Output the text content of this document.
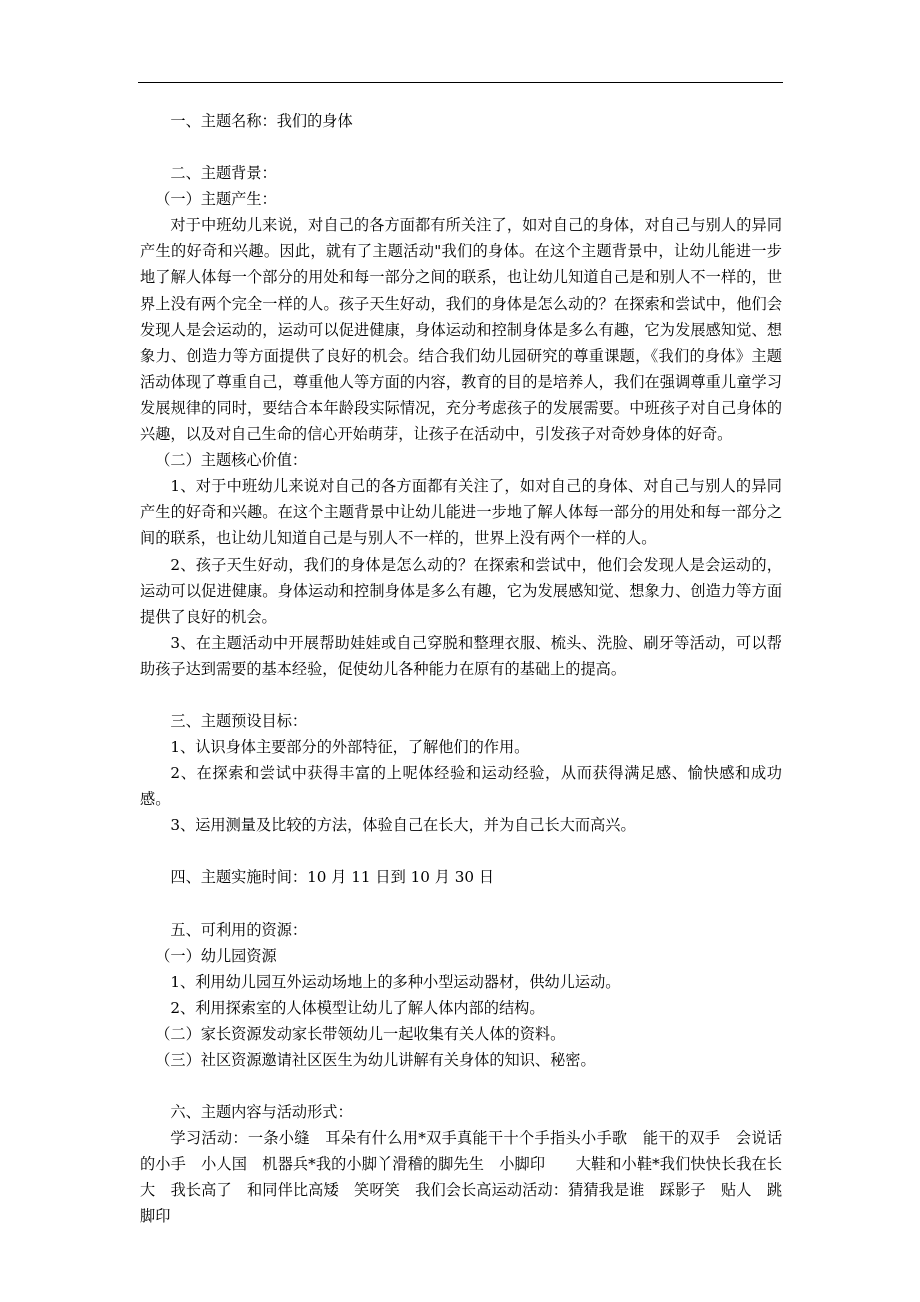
一、主题名称：我们的身体

二、主题背景：

（一）主题产生：

对于中班幼儿来说，对自己的各方面都有所关注了，如对自己的身体，对自己与别人的异同产生的好奇和兴趣。因此，就有了主题活动"我们的身体。在这个主题背景中，让幼儿能进一步地了解人体每一个部分的用处和每一部分之间的联系，也让幼儿知道自己是和别人不一样的，世界上没有两个完全一样的人。孩子天生好动，我们的身体是怎么动的？在探索和尝试中，他们会发现人是会运动的，运动可以促进健康，身体运动和控制身体是多么有趣，它为发展感知觉、想象力、创造力等方面提供了良好的机会。结合我们幼儿园研究的尊重课题，《我们的身体》主题活动体现了尊重自己，尊重他人等方面的内容，教育的目的是培养人，我们在强调尊重儿童学习发展规律的同时，要结合本年龄段实际情况，充分考虑孩子的发展需要。中班孩子对自己身体的兴趣，以及对自己生命的信心开始萌芽，让孩子在活动中，引发孩子对奇妙身体的好奇。

（二）主题核心价值：

1、对于中班幼儿来说对自己的各方面都有关注了，如对自己的身体、对自己与别人的异同产生的好奇和兴趣。在这个主题背景中让幼儿能进一步地了解人体每一部分的用处和每一部分之间的联系，也让幼儿知道自己是与别人不一样的，世界上没有两个一样的人。

2、孩子天生好动，我们的身体是怎么动的？在探索和尝试中，他们会发现人是会运动的，运动可以促进健康。身体运动和控制身体是多么有趣，它为发展感知觉、想象力、创造力等方面提供了良好的机会。

3、在主题活动中开展帮助娃娃或自己穿脱和整理衣服、梳头、洗脸、刷牙等活动，可以帮助孩子达到需要的基本经验，促使幼儿各种能力在原有的基础上的提高。

三、主题预设目标：

1、认识身体主要部分的外部特征，了解他们的作用。

2、在探索和尝试中获得丰富的上呢体经验和运动经验，从而获得满足感、愉快感和成功感。

3、运用测量及比较的方法，体验自己在长大，并为自己长大而高兴。

四、主题实施时间：10 月 11 日到 10 月 30 日

五、可利用的资源：

（一）幼儿园资源

1、利用幼儿园互外运动场地上的多种小型运动器材，供幼儿运动。

2、利用探索室的人体模型让幼儿了解人体内部的结构。

（二）家长资源发动家长带领幼儿一起收集有关人体的资料。

（三）社区资源邀请社区医生为幼儿讲解有关身体的知识、秘密。

六、主题内容与活动形式：

学习活动：一条小缝　耳朵有什么用*双手真能干十个手指头小手歌　能干的双手　会说话的小手　小人国　机器兵*我的小脚丫滑稽的脚先生　小脚印　　大鞋和小鞋*我们快快长我在长大　我长高了　和同伴比高矮　笑呀笑　我们会长高运动活动：猜猜我是谁　踩影子　贴人　跳脚印
